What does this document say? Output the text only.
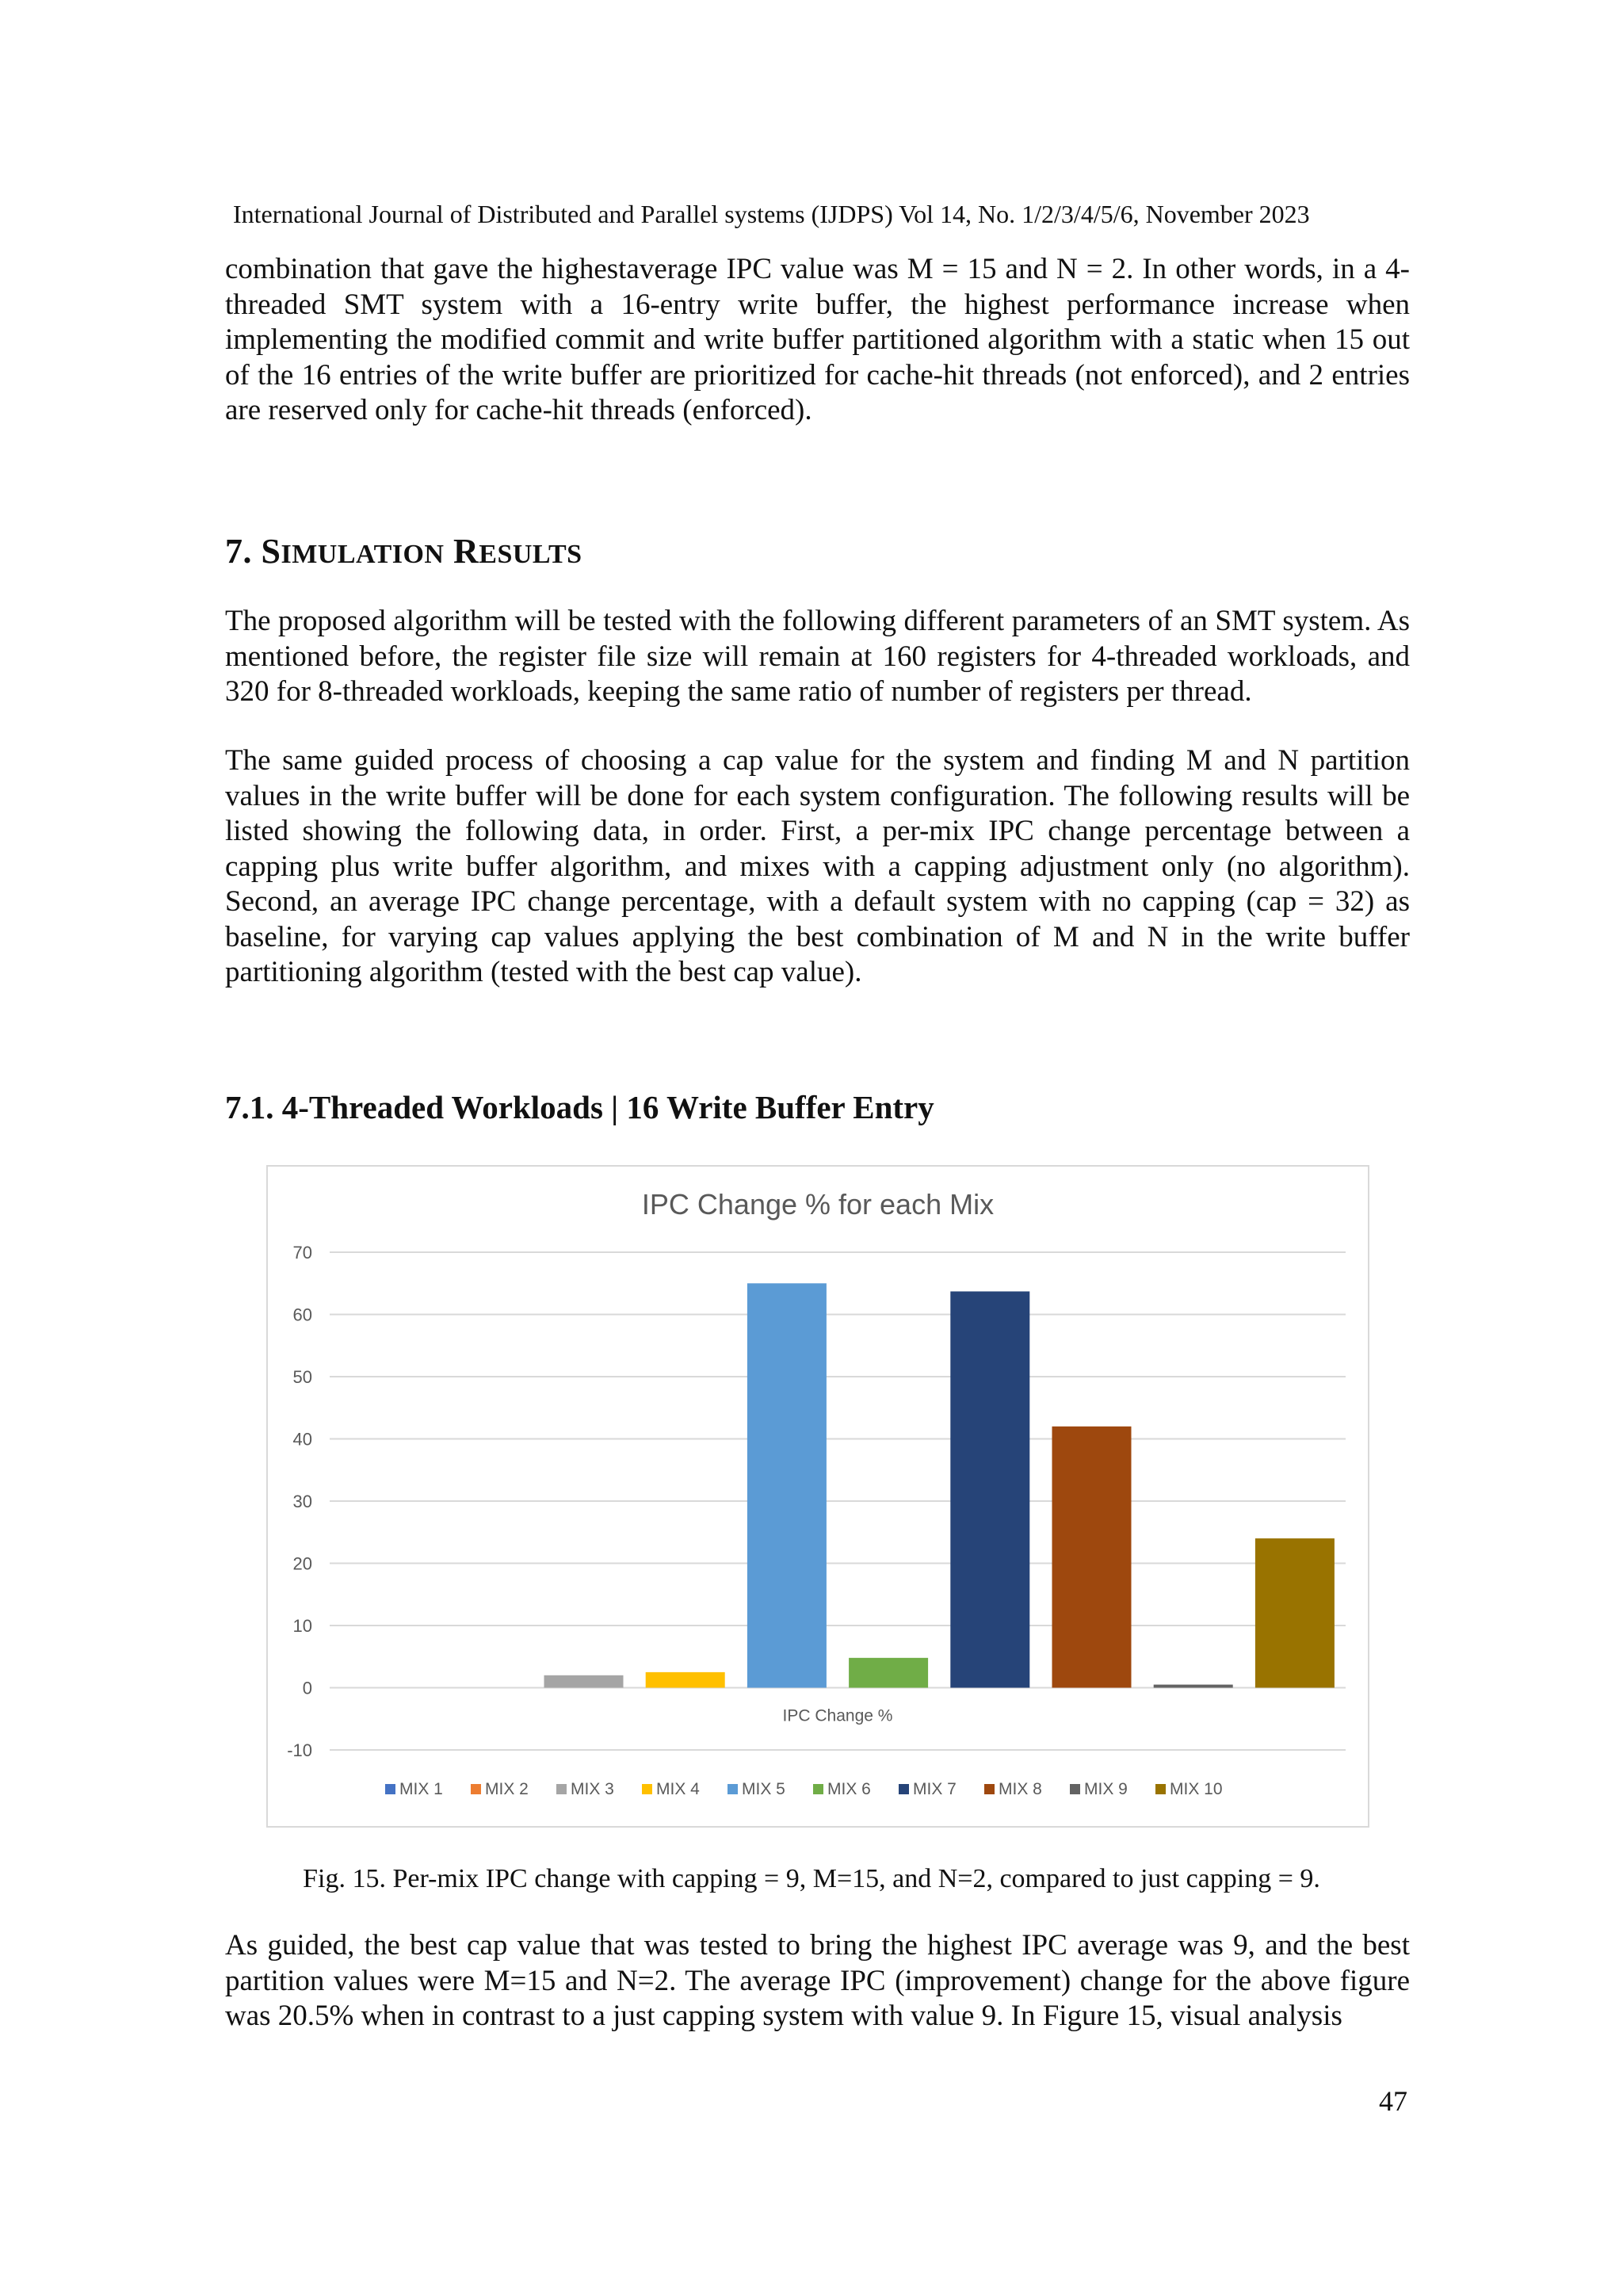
International Journal of Distributed and Parallel systems (IJDPS) Vol 14, No. 1/2/3/4/5/6, November 2023

combination that gave the highestaverage IPC value was M = 15 and N = 2. In other words, in a 4-threaded SMT system with a 16-entry write buffer, the highest performance increase when implementing the modified commit and write buffer partitioned algorithm with a static when 15 out of the 16 entries of the write buffer are prioritized for cache-hit threads (not enforced), and 2 entries are reserved only for cache-hit threads (enforced).

7. SIMULATION RESULTS

The proposed algorithm will be tested with the following different parameters of an SMT system. As mentioned before, the register file size will remain at 160 registers for 4-threaded workloads, and 320 for 8-threaded workloads, keeping the same ratio of number of registers per thread.

The same guided process of choosing a cap value for the system and finding M and N partition values in the write buffer will be done for each system configuration. The following results will be listed showing the following data, in order. First, a per-mix IPC change percentage between a capping plus write buffer algorithm, and mixes with a capping adjustment only (no algorithm). Second, an average IPC change percentage, with a default system with no capping (cap = 32) as baseline, for varying cap values applying the best combination of M and N in the write buffer partitioning algorithm (tested with the best cap value).

7.1. 4-Threaded Workloads | 16 Write Buffer Entry
IPC Change % for each Mix
-10
0
10
20
30
40
50
60
70
IPC Change %
MIX 1	MIX 2	MIX 3	MIX 4	MIX 5	MIX 6	MIX 7	MIX 8	MIX 9	MIX 10
Fig. 15. Per-mix IPC change with capping = 9, M=15, and N=2, compared to just capping = 9.

As guided, the best cap value that was tested to bring the highest IPC average was 9, and the best partition values were M=15 and N=2. The average IPC (improvement) change for the above figure was 20.5% when in contrast to a just capping system with value 9. In Figure 15, visual analysis

47
